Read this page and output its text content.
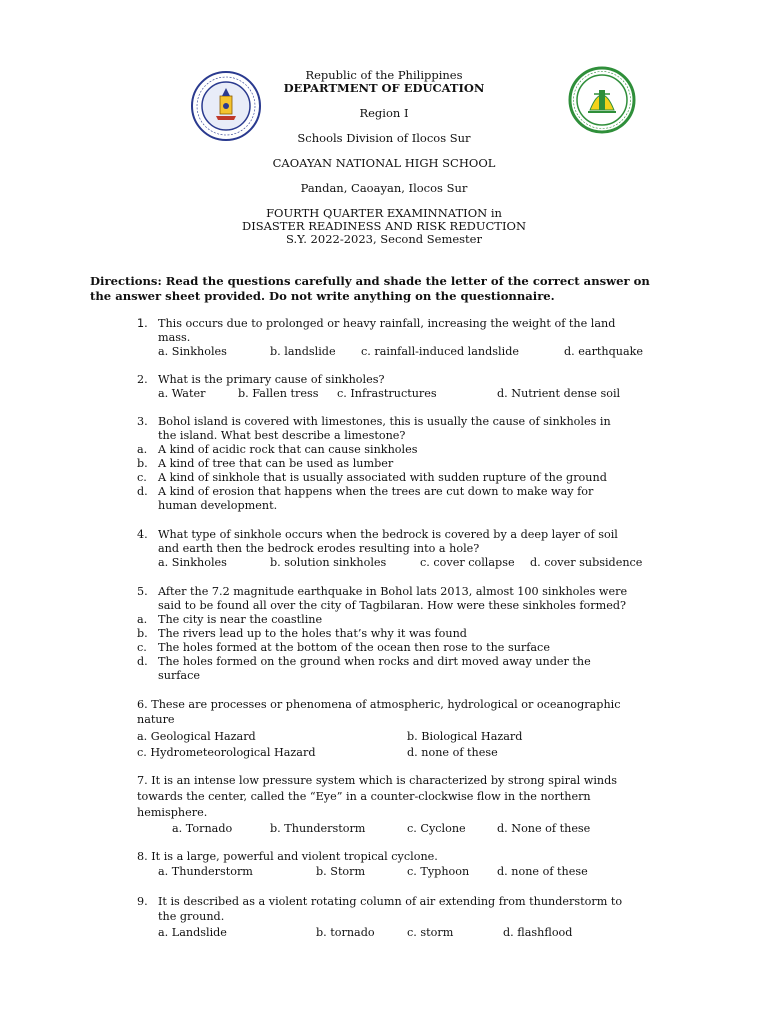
Republic of the Philippines
DEPARTMENT OF EDUCATION
Region I
Schools Division of Ilocos Sur
CAOAYAN NATIONAL HIGH SCHOOL
Pandan, Caoayan, Ilocos Sur
FOURTH QUARTER EXAMINNATION in
DISASTER READINESS AND RISK REDUCTION
S.Y. 2022-2023, Second Semester
Directions: Read the questions carefully and shade the letter of the correct answer on
the answer sheet provided. Do not write anything on the questionnaire.
1. This occurs due to prolonged or heavy rainfall, increasing the weight of the land
mass.
a. Sinkholes	b. landslide c. rainfall-induced landslide	d. earthquake
2. What is the primary cause of sinkholes?
a. Water	b. Fallen tress c. Infrastructures	d. Nutrient dense soil
3. Bohol island is covered with limestones, this is usually the cause of sinkholes in
the island. What best describe a limestone?
a. A kind of acidic rock that can cause sinkholes
b. A kind of tree that can be used as lumber
c. A kind of sinkhole that is usually associated with sudden rupture of the ground
d. A kind of erosion that happens when the trees are cut down to make way for
human development.
4. What type of sinkhole occurs when the bedrock is covered by a deep layer of soil
and earth then the bedrock erodes resulting into a hole?
a. Sinkholes	b. solution sinkholes	c. cover collapse d. cover subsidence
5. After the 7.2 magnitude earthquake in Bohol lats 2013, almost 100 sinkholes were
said to be found all over the city of Tagbilaran. How were these sinkholes formed?
a. The city is near the coastline
b. The rivers lead up to the holes that’s why it was found
c. The holes formed at the bottom of the ocean then rose to the surface
d. The holes formed on the ground when rocks and dirt moved away under the
surface
6. These are processes or phenomena of atmospheric, hydrological or oceanographic
nature
a. Geological Hazard	b. Biological Hazard
c. Hydrometeorological Hazard	d. none of these
7. It is an intense low pressure system which is characterized by strong spiral winds
towards the center, called the “Eye” in a counter-clockwise flow in the northern
hemisphere.
a. Tornado	b. Thunderstorm	c. Cyclone	d. None of these
8. It is a large, powerful and violent tropical cyclone.
a. Thunderstorm	b. Storm	c. Typhoon d. none of these
9. It is described as a violent rotating column of air extending from thunderstorm to
the ground.
a. Landslide	b. tornado	c. storm	d. flashflood
